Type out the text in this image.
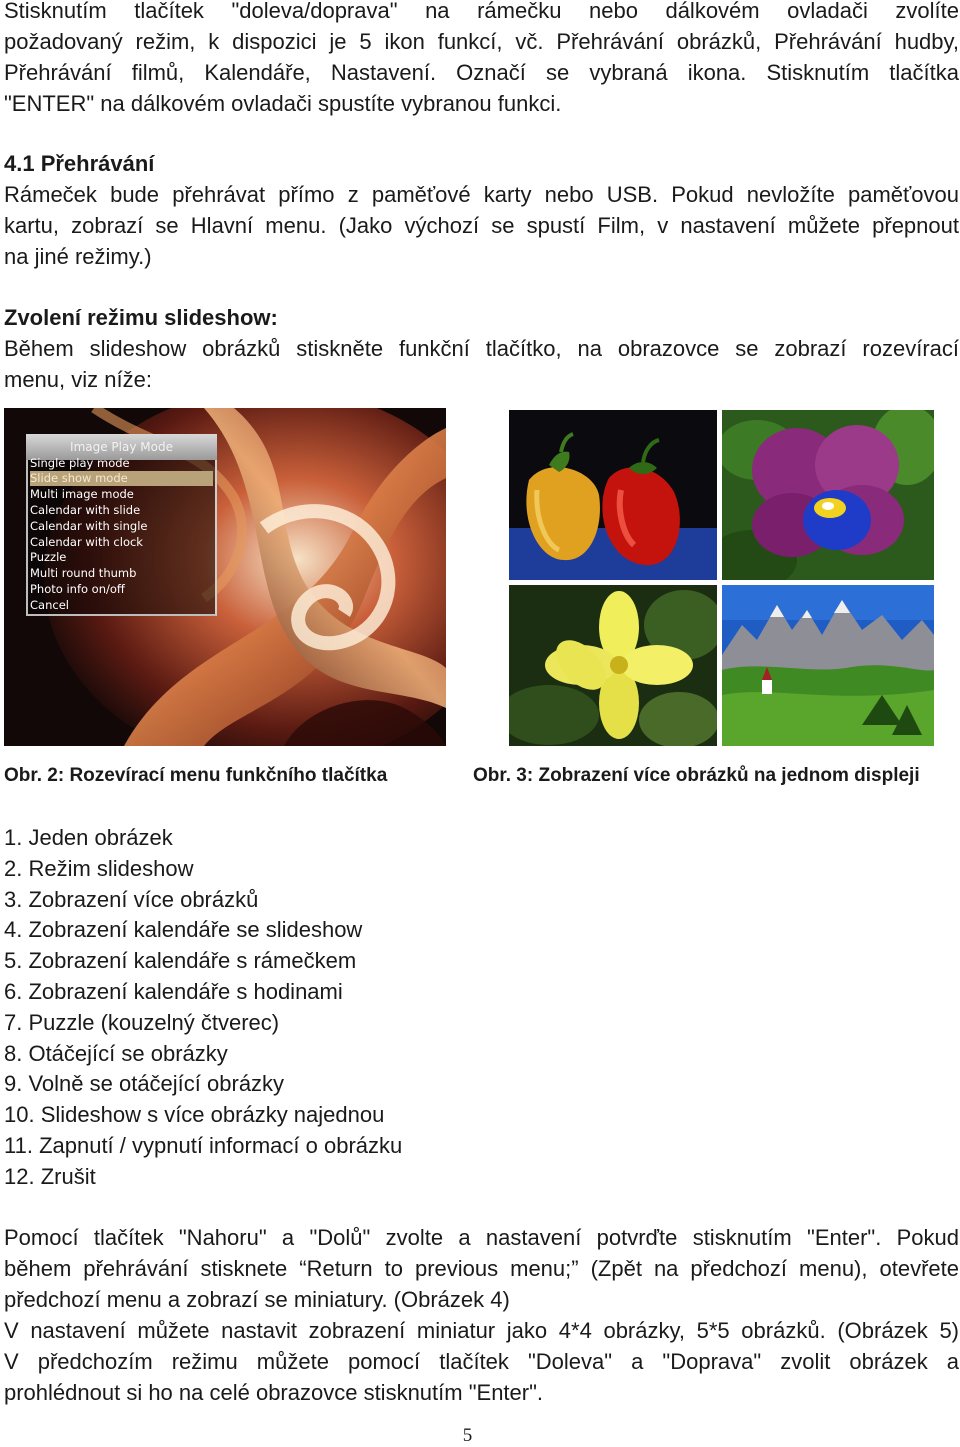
Stisknutím tlačítek "doleva/doprava" na rámečku nebo dálkovém ovladači zvolíte
požadovaný režim, k dispozici je 5 ikon funkcí, vč. Přehrávání obrázků, Přehrávání hudby,
Přehrávání filmů, Kalendáře, Nastavení. Označí se vybraná ikona. Stisknutím tlačítka
"ENTER" na dálkovém ovladači spustíte vybranou funkci.
4.1 Přehrávání
Rámeček bude přehrávat přímo z paměťové karty nebo USB. Pokud nevložíte paměťovou
kartu, zobrazí se Hlavní menu. (Jako výchozí se spustí Film, v nastavení můžete přepnout
na jiné režimy.)
Zvolení režimu slideshow:
Během slideshow obrázků stiskněte funkční tlačítko, na obrazovce se zobrazí rozevírací
menu, viz níže:
Image Play Mode
Single play mode
Slide show mode
Multi image mode
Calendar with slide
Calendar with single
Calendar with clock
Puzzle
Multi round thumb
Photo info on/off
Cancel
Obr. 2: Rozevírací menu funkčního tlačítka	Obr. 3: Zobrazení více obrázků na jednom displeji
1. Jeden obrázek
2. Režim slideshow
3. Zobrazení více obrázků
4. Zobrazení kalendáře se slideshow
5. Zobrazení kalendáře s rámečkem
6. Zobrazení kalendáře s hodinami
7. Puzzle (kouzelný čtverec)
8. Otáčející se obrázky
9. Volně se otáčející obrázky
10. Slideshow s více obrázky najednou
11. Zapnutí / vypnutí informací o obrázku
12. Zrušit
Pomocí tlačítek "Nahoru" a "Dolů" zvolte a nastavení potvrďte stisknutím "Enter". Pokud
během přehrávání stisknete “Return to previous menu;” (Zpět na předchozí menu), otevřete
předchozí menu a zobrazí se miniatury. (Obrázek 4)
V nastavení můžete nastavit zobrazení miniatur jako 4*4 obrázky, 5*5 obrázků. (Obrázek 5)
V předchozím režimu můžete pomocí tlačítek "Doleva" a "Doprava" zvolit obrázek a
prohlédnout si ho na celé obrazovce stisknutím "Enter".
5
